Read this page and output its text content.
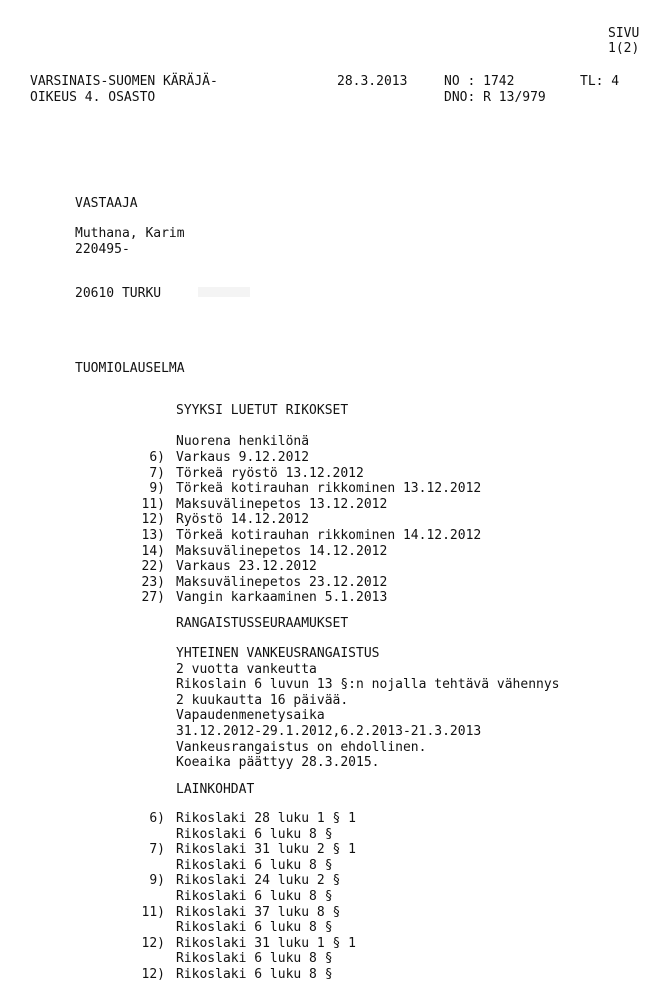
SIVU
1(2)
VARSINAIS-SUOMEN KÄRÄJÄ-
OIKEUS 4. OSASTO
28.3.2013	NO : 1742	TL: 4
DNO: R 13/979
VASTAAJA
Muthana, Karim
220495-
20610 TURKU
TUOMIOLAUSELMA
SYYKSI LUETUT RIKOKSET
Nuorena henkilönä
6) Varkaus 9.12.2012
7) Törkeä ryöstö 13.12.2012
9) Törkeä kotirauhan rikkominen 13.12.2012
11) Maksuvälinepetos 13.12.2012
12) Ryöstö 14.12.2012
13) Törkeä kotirauhan rikkominen 14.12.2012
14) Maksuvälinepetos 14.12.2012
22) Varkaus 23.12.2012
23) Maksuvälinepetos 23.12.2012
27) Vangin karkaaminen 5.1.2013
RANGAISTUSSEURAAMUKSET
YHTEINEN VANKEUSRANGAISTUS
2 vuotta vankeutta
Rikoslain 6 luvun 13 §:n nojalla tehtävä vähennys
2 kuukautta 16 päivää.
Vapaudenmenetysaika
31.12.2012-29.1.2012,6.2.2013-21.3.2013
Vankeusrangaistus on ehdollinen.
Koeaika päättyy 28.3.2015.
LAINKOHDAT
6) Rikoslaki 28 luku 1 § 1
Rikoslaki 6 luku 8 §
7) Rikoslaki 31 luku 2 § 1
Rikoslaki 6 luku 8 §
9) Rikoslaki 24 luku 2 §
Rikoslaki 6 luku 8 §
11) Rikoslaki 37 luku 8 §
Rikoslaki 6 luku 8 §
12) Rikoslaki 31 luku 1 § 1
Rikoslaki 6 luku 8 §
12) Rikoslaki 6 luku 8 §
